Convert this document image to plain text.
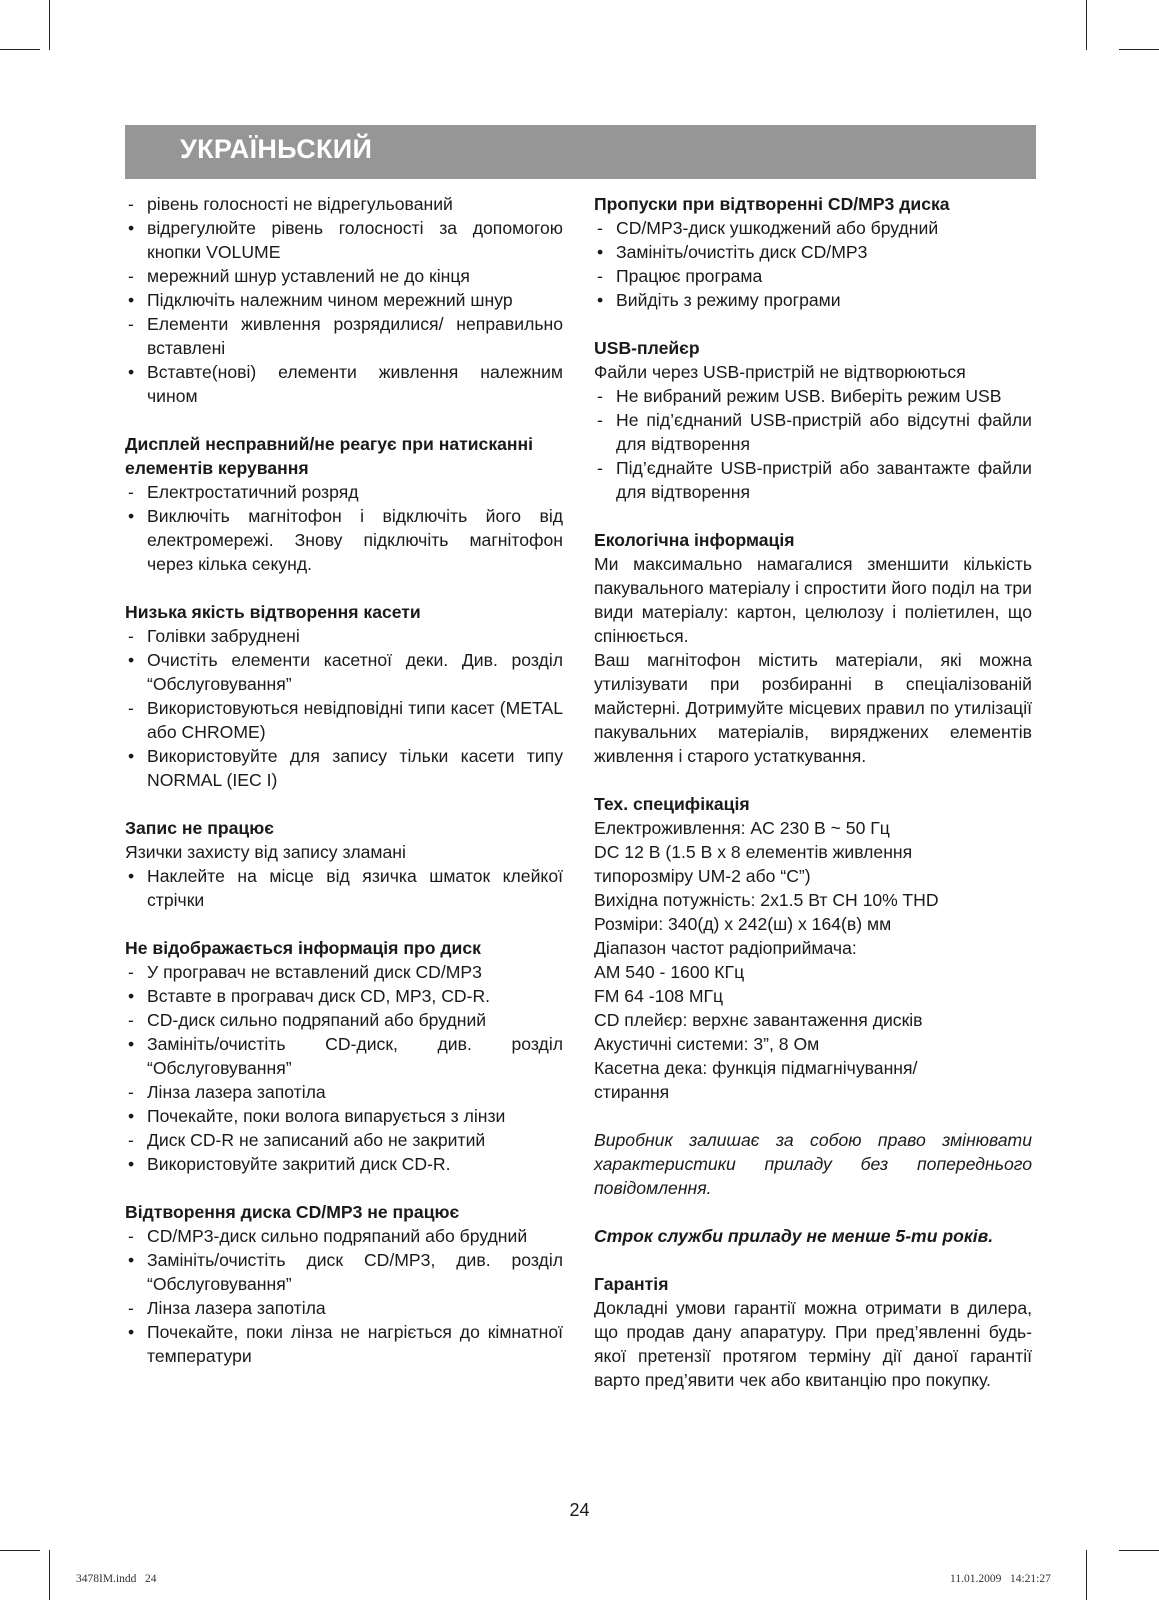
УКРАЇНЬСКИЙ
- рівень голосності не відрегульований
• відрегулюйте рівень голосності за допомогою кнопки VOLUME
- мережний шнур уставлений не до кінця
• Підключіть належним чином мережний шнур
- Елементи живлення розрядилися/ неправильно вставлені
• Вставте(нові) елементи живлення належним чином

Дисплей несправний/не реагує при натисканні елементів керування

- Електростатичний розряд
• Виключіть магнітофон і відключіть його від електромережі. Знову підключіть магнітофон через кілька секунд.

Низька якість відтворення касети

- Голівки забруднені
• Очистіть елементи касетної деки. Див. розділ “Обслуговування”
- Використовуються невідповідні типи касет (METAL або CHROME)
• Використовуйте для запису тільки касети типу NORMAL (IEC I)

Запис не працює

Язички захисту від запису зламані

• Наклейте на місце від язичка шматок клейкої стрічки

Не відображається інформація про диск

- У програвач не вставлений диск CD/MP3
• Вставте в програвач диск CD, MP3, CD-R.
- CD-диск сильно подряпаний або брудний
• Замініть/очистіть CD-диск, див. розділ “Обслуговування”
- Лінза лазера запотіла
• Почекайте, поки волога випарується з лінзи
- Диск CD-R не записаний або не закритий
• Використовуйте закритий диск CD-R.

Відтворення диска CD/MP3 не працює

- CD/MP3-диск сильно подряпаний або брудний
• Замініть/очистіть диск CD/MP3, див. розділ “Обслуговування”
- Лінза лазера запотіла
• Почекайте, поки лінза не нагріється до кімнатної температури

Пропуски при відтворенні CD/MP3 диска

- CD/MP3-диск ушкоджений або брудний
• Замініть/очистіть диск CD/MP3
- Працює програма
• Вийдіть з режиму програми

USB-плейєр

Файли через USB-пристрій не відтворюються

- Не вибраний режим USB. Виберіть режим USB
- Не під’єднаний USB-пристрій або відсутні файли для відтворення
- Під’єднайте USB-пристрій або завантажте файли для відтворення

Екологічна інформація

Ми максимально намагалися зменшити кількість пакувального матеріалу і спростити його поділ на три види матеріалу: картон, целюлозу і поліетилен, що спінюється.

Ваш магнітофон містить матеріали, які можна утилізувати при розбиранні в спеціалізованій майстерні. Дотримуйте місцевих правил по утилізації пакувальних матеріалів, виряджених елементів живлення і старого устаткування.

Тех. специфікація

Електроживлення: AC 230 В ~ 50 Гц

DC 12 В (1.5 В x 8 елементів живлення

типорозміру UM-2 або “C”)

Вихідна потужність: 2x1.5 Вт CH 10% THD

Розміри: 340(д) x 242(ш) x 164(в) мм

Діапазон частот радіоприймача:

AM 540 - 1600 КГц

FM 64 -108 МГц

CD плейєр: верхнє завантаження дисків

Акустичні системи: 3”, 8 Ом

Касетна дека: функція підмагнічування/

стирання

Виробник залишає за собою право змінювати характеристики приладу без попереднього повідомлення.

Строк служби приладу не менше 5-ти років.

Гарантія

Докладні умови гарантії можна отримати в дилера, що продав дану апаратуру. При пред’явленні будь-якої претензії протягом терміну дії даної гарантії варто пред’явити чек або квитанцію про покупку.

24
3478IM.indd   24	11.01.2009   14:21:27
